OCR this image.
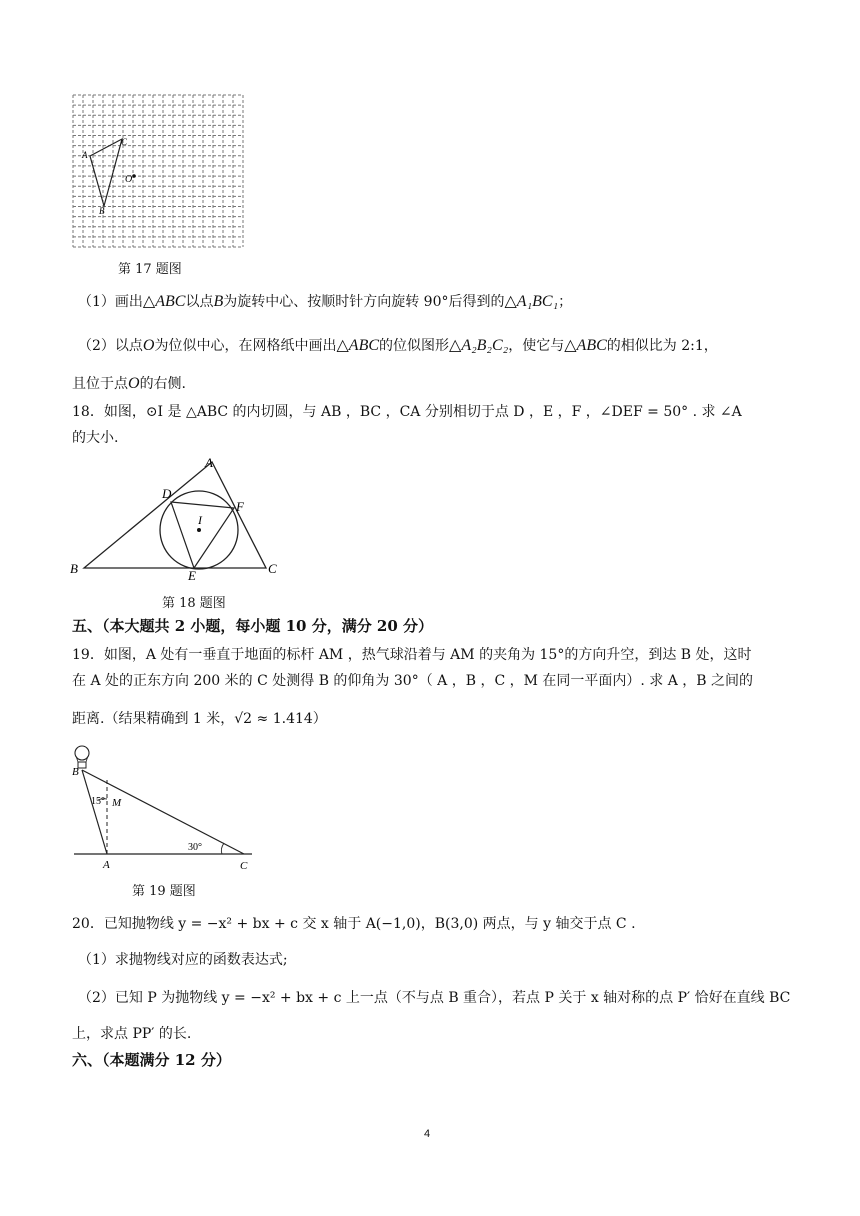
A
C
O
B
第 17 题图
（1）画出△ABC以点B为旋转中心、按顺时针方向旋转 90°后得到的△A₁BC₁；
（2）以点O为位似中心，在网格纸中画出△ABC的位似图形△A₂B₂C₂，使它与△ABC的相似比为 2:1，
且位于点O的右侧.
18．如图，⊙I 是 △ABC 的内切圆，与 AB ，BC ，CA 分别相切于点 D ，E ，F ，∠DEF = 50° . 求 ∠A
的大小.
A
D
F
I
B	E	C
第 18 题图
五、（本大题共 2 小题，每小题 10 分，满分 20 分）
19．如图，A 处有一垂直于地面的标杆 AM ，热气球沿着与 AM 的夹角为 15°的方向升空，到达 B 处，这时
在 A 处的正东方向 200 米的 C 处测得 B 的仰角为 30°（ A ，B ，C ，M 在同一平面内）. 求 A ，B 之间的
距离.（结果精确到 1 米，√2 ≈ 1.414）
B
15° M
A
30°
C
第 19 题图
20．已知抛物线 y = −x² + bx + c 交 x 轴于 A(−1,0)，B(3,0) 两点，与 y 轴交于点 C .
（1）求抛物线对应的函数表达式;
（2）已知 P 为抛物线 y = −x² + bx + c 上一点（不与点 B 重合），若点 P 关于 x 轴对称的点 P′ 恰好在直线 BC
上，求点 PP′ 的长.
六、（本题满分 12 分）
4
